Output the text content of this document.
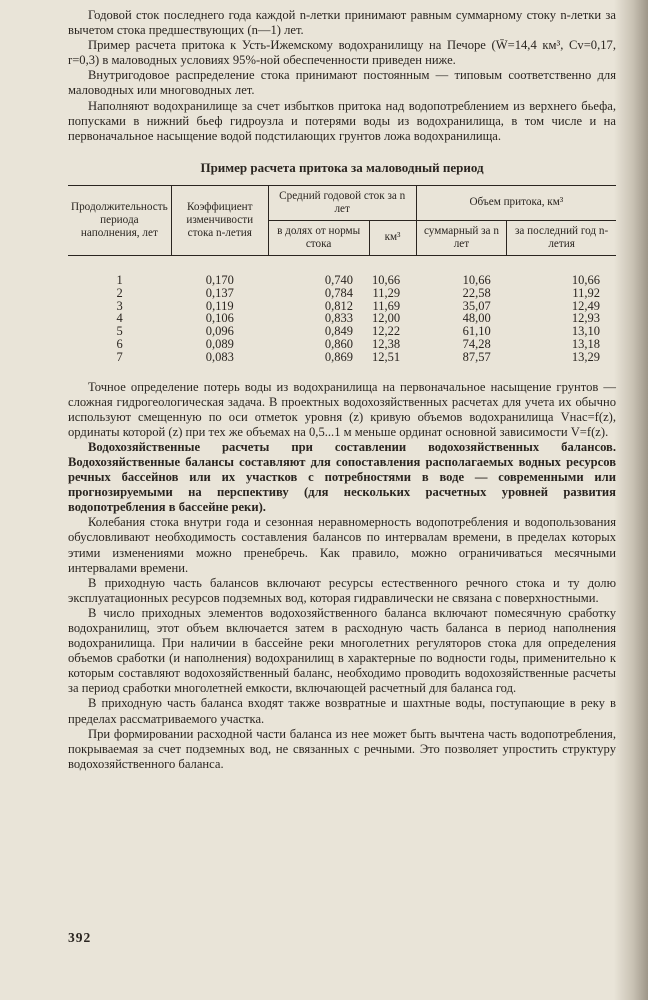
Годовой сток последнего года каждой n-летки принимают равным суммарному стоку n-летки за вычетом стока предшествующих (n—1) лет.

Пример расчета притока к Усть-Ижемскому водохранилищу на Печоре (W̄=14,4 км³, Cv=0,17, r=0,3) в маловодных условиях 95%-ной обеспеченности приведен ниже.

Внутригодовое распределение стока принимают постоянным — типовым соответственно для маловодных или многоводных лет.

Наполняют водохранилище за счет избытков притока над водопотреблением из верхнего бьефа, попусками в нижний бьеф гидроузла и потерями воды из водохранилища, в том числе и на первоначальное насыщение водой подстилающих грунтов ложа водохранилища.

Пример расчета притока за маловодный период
Продолжительность периода наполнения, лет	Коэффициент изменчивости стока n-летия	Средний годовой сток за n лет		Объем притока, км³	
		в долях от нормы стока	км³	суммарный за n лет	за последний год n-летия
1	0,170	0,740	10,66	10,66	10,66
2	0,137	0,784	11,29	22,58	11,92
3	0,119	0,812	11,69	35,07	12,49
4	0,106	0,833	12,00	48,00	12,93
5	0,096	0,849	12,22	61,10	13,10
6	0,089	0,860	12,38	74,28	13,18
7	0,083	0,869	12,51	87,57	13,29

Точное определение потерь воды из водохранилища на первоначальное насыщение грунтов — сложная гидрогеологическая задача. В проектных водохозяйственных расчетах для учета их обычно используют смещенную по оси отметок уровня (z) кривую объемов водохранилища Vнас=f(z), ординаты которой (z) при тех же объемах на 0,5...1 м меньше ординат основной зависимости V=f(z).

Водохозяйственные расчеты при составлении водохозяйственных балансов. Водохозяйственные балансы составляют для сопоставления располагаемых водных ресурсов речных бассейнов или их участков с потребностями в воде — современными или прогнозируемыми на перспективу (для нескольких расчетных уровней развития водопотребления в бассейне реки).

Колебания стока внутри года и сезонная неравномерность водопотребления и водопользования обусловливают необходимость составления балансов по интервалам времени, в пределах которых этими изменениями можно пренебречь. Как правило, можно ограничиваться месячными интервалами времени.

В приходную часть балансов включают ресурсы естественного речного стока и ту долю эксплуатационных ресурсов подземных вод, которая гидравлически не связана с поверхностными.

В число приходных элементов водохозяйственного баланса включают помесячную сработку водохранилищ, этот объем включается затем в расходную часть баланса в период наполнения водохранилища. При наличии в бассейне реки многолетних регуляторов стока для определения объемов сработки (и наполнения) водохранилищ в характерные по водности годы, применительно к которым составляют водохозяйственный баланс, необходимо проводить водохозяйственные расчеты за период сработки многолетней емкости, включающей расчетный для баланса год.

В приходную часть баланса входят также возвратные и шахтные воды, поступающие в реку в пределах рассматриваемого участка.

При формировании расходной части баланса из нее может быть вычтена часть водопотребления, покрываемая за счет подземных вод, не связанных с речными. Это позволяет упростить структуру водохозяйственного баланса.

392
